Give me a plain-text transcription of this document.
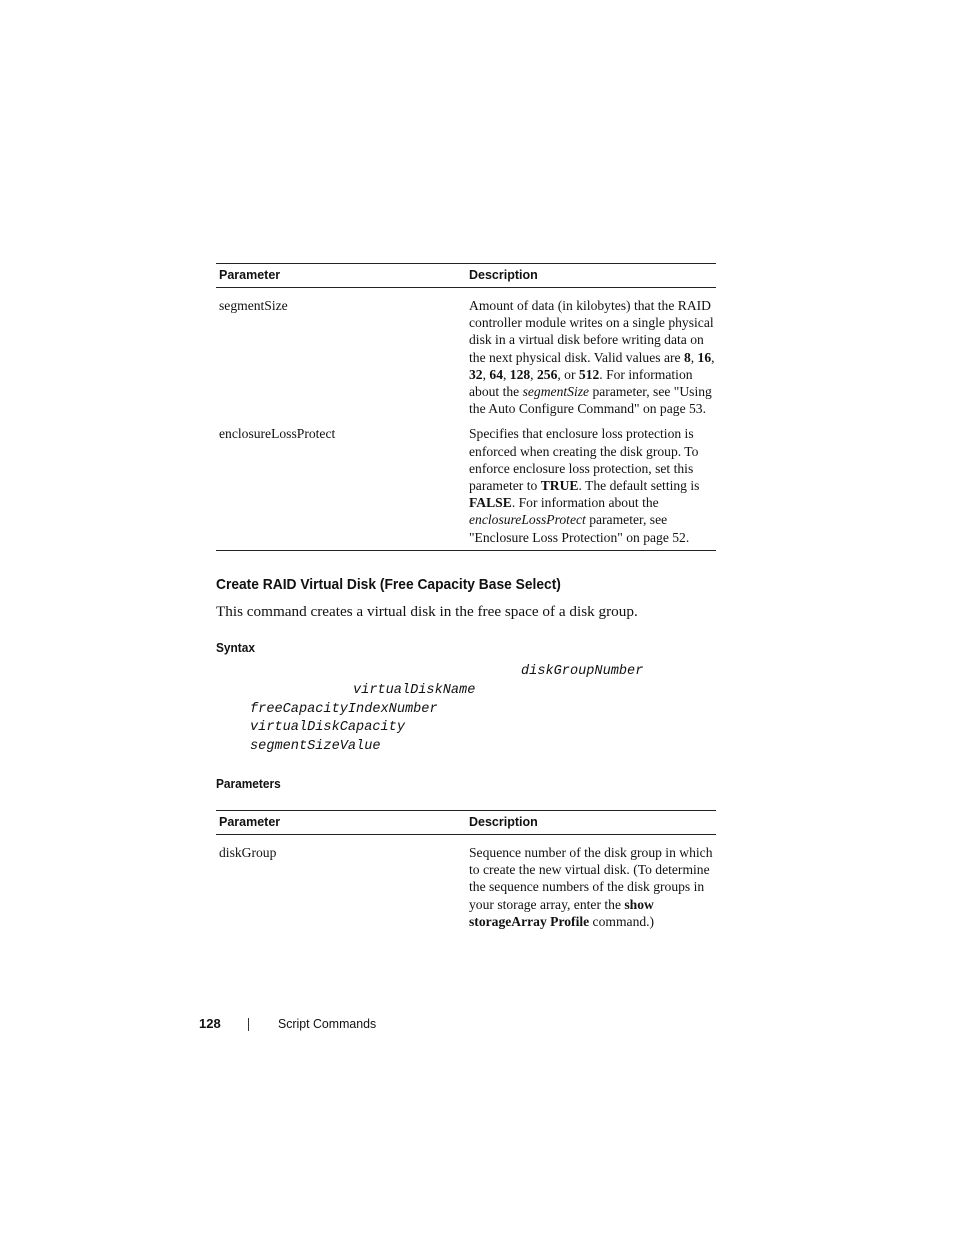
Parameter	Description
segmentSize	Amount of data (in kilobytes) that the RAID controller module writes on a single physical disk in a virtual disk before writing data on the next physical disk. Valid values are 8, 16, 32, 64, 128, 256, or 512. For information about the segmentSize parameter, see "Using the Auto Configure Command" on page 53.
enclosureLossProtect	Specifies that enclosure loss protection is enforced when creating the disk group. To enforce enclosure loss protection, set this parameter to TRUE. The default setting is FALSE. For information about the enclosureLossProtect parameter, see "Enclosure Loss Protection" on page 52.
Create RAID Virtual Disk (Free Capacity Base Select)
This command creates a virtual disk in the free space of a disk group.
Syntax
diskGroupNumber
virtualDiskName
freeCapacityIndexNumber
virtualDiskCapacity
segmentSizeValue
Parameters
Parameter	Description
diskGroup	Sequence number of the disk group in which to create the new virtual disk. (To determine the sequence numbers of the disk groups in your storage array, enter the show storageArray Profile command.)
128	Script Commands
